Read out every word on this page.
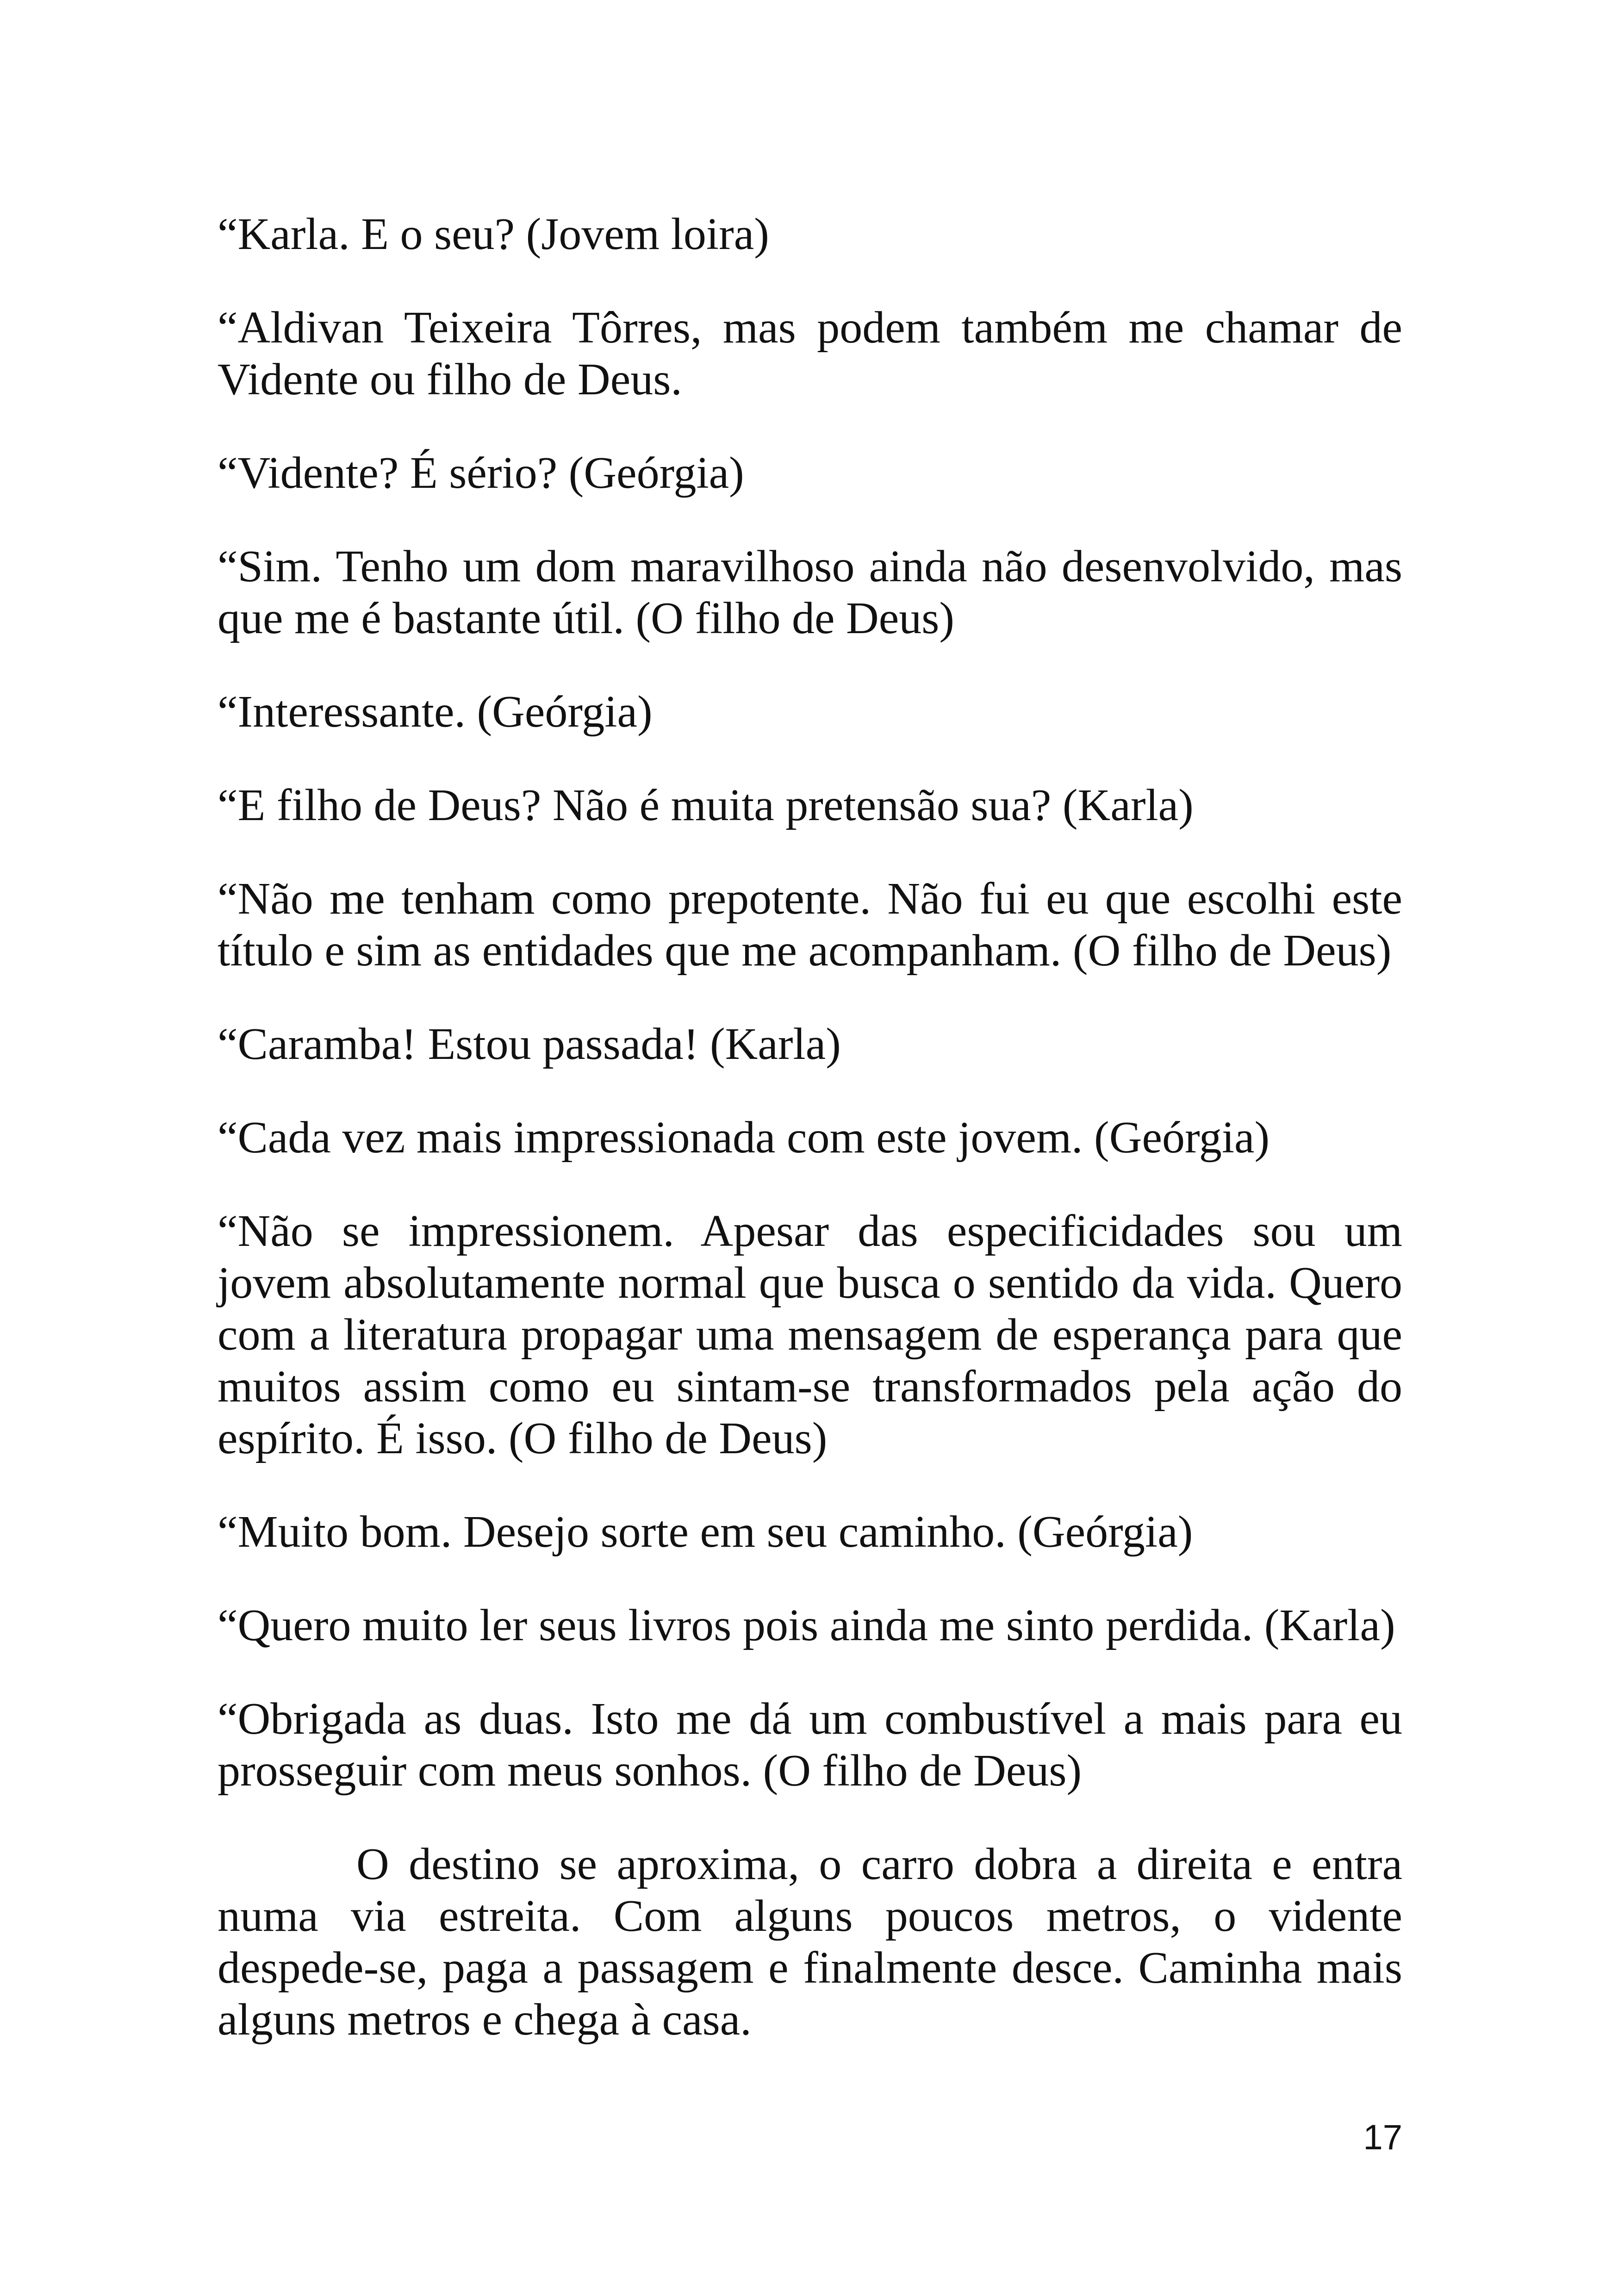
“Karla. E o seu? (Jovem loira)

“Aldivan Teixeira Tôrres, mas podem também me chamar de Vidente ou filho de Deus.

“Vidente? É sério? (Geórgia)

“Sim. Tenho um dom maravilhoso ainda não desenvolvido, mas que me é bastante útil. (O filho de Deus)

“Interessante. (Geórgia)

“E filho de Deus? Não é muita pretensão sua? (Karla)

“Não me tenham como prepotente. Não fui eu que escolhi este título e sim as entidades que me acompanham. (O filho de Deus)

“Caramba! Estou passada! (Karla)

“Cada vez mais impressionada com este jovem. (Geórgia)

“Não se impressionem. Apesar das especificidades sou um jovem absolutamente normal que busca o sentido da vida. Quero com a literatura propagar uma mensagem de esperança para que muitos assim como eu sintam-se transformados pela ação do espírito. É isso. (O filho de Deus)

“Muito bom. Desejo sorte em seu caminho. (Geórgia)

“Quero muito ler seus livros pois ainda me sinto perdida. (Karla)

“Obrigada as duas. Isto me dá um combustível a mais para eu prosseguir com meus sonhos. (O filho de Deus)

O destino se aproxima, o carro dobra a direita e entra numa via estreita. Com alguns poucos metros, o vidente despede-se, paga a passagem e finalmente desce. Caminha mais alguns metros e chega à casa.

17
